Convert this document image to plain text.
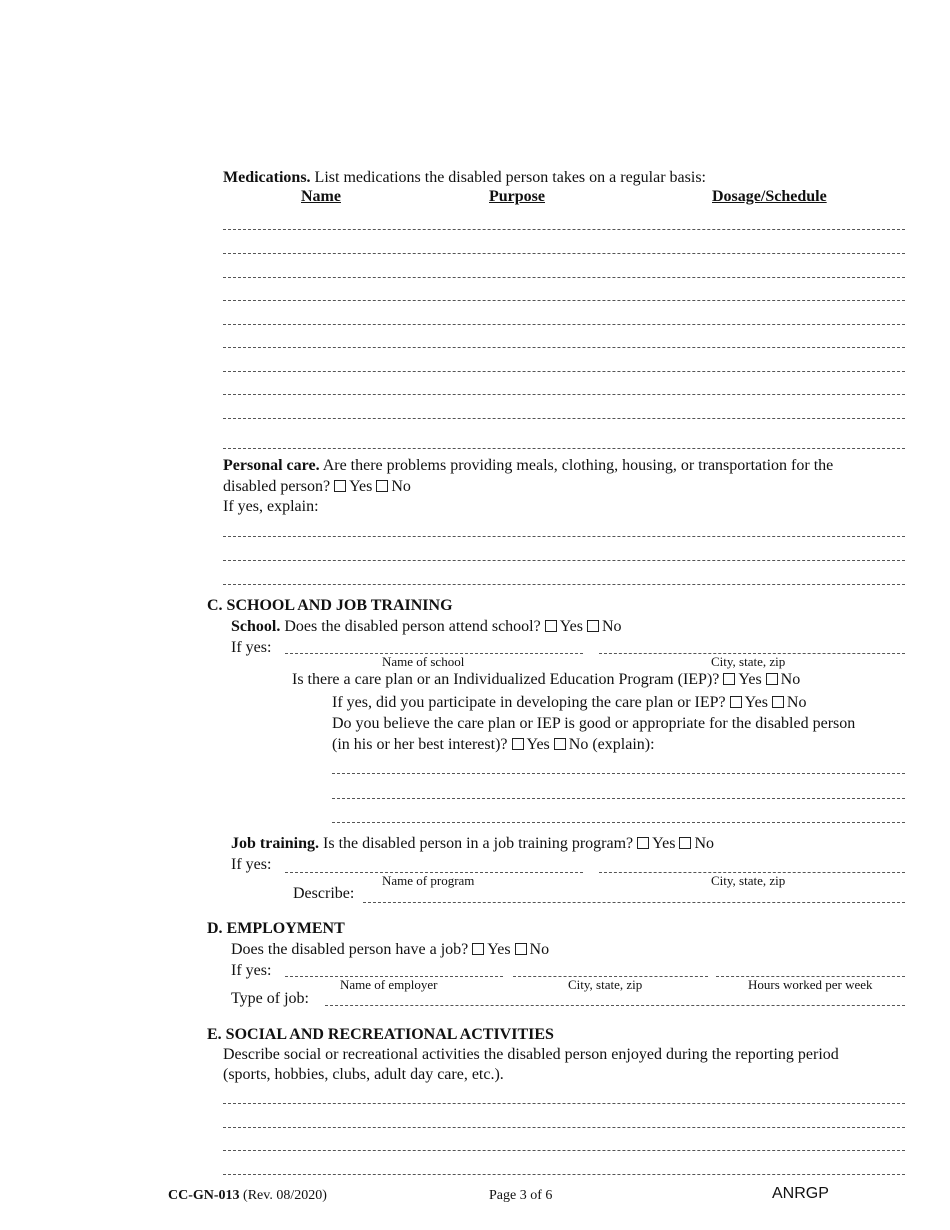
Medications. List medications the disabled person takes on a regular basis:
Name	Purpose	Dosage/Schedule
Personal care. Are there problems providing meals, clothing, housing, or transportation for the
disabled person? Yes No
If yes, explain:
C. SCHOOL AND JOB TRAINING
School. Does the disabled person attend school? Yes No
If yes:
Name of school	City, state, zip
Is there a care plan or an Individualized Education Program (IEP)? Yes No
If yes, did you participate in developing the care plan or IEP? Yes No
Do you believe the care plan or IEP is good or appropriate for the disabled person
(in his or her best interest)? Yes No (explain):
Job training. Is the disabled person in a job training program? Yes No
If yes:
Name of program	City, state, zip
Describe:
D. EMPLOYMENT
Does the disabled person have a job? Yes No
If yes:
Name of employer	City, state, zip	Hours worked per week
Type of job:
E. SOCIAL AND RECREATIONAL ACTIVITIES
Describe social or recreational activities the disabled person enjoyed during the reporting period
(sports, hobbies, clubs, adult day care, etc.).
CC-GN-013 (Rev. 08/2020)	Page 3 of 6	ANRGP
